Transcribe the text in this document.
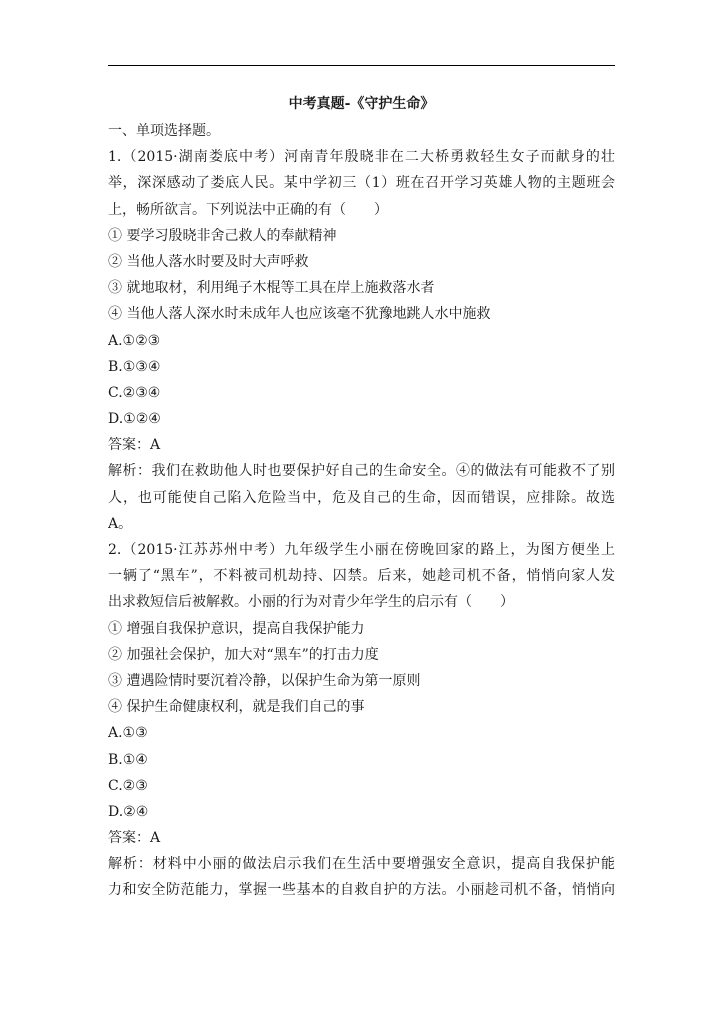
中考真题-《守护生命》
一、单项选择题。
1.（2015·湖南娄底中考）河南青年殷晓非在二大桥勇救轻生女子而献身的壮
举，深深感动了娄底人民。某中学初三（1）班在召开学习英雄人物的主题班会
上，畅所欲言。下列说法中正确的有（　　）
① 要学习殷晓非舍己救人的奉献精神
② 当他人落水时要及时大声呼救
③ 就地取材，利用绳子木棍等工具在岸上施救落水者
④ 当他人落人深水时未成年人也应该毫不犹豫地跳人水中施救
A.①②③
B.①③④
C.②③④
D.①②④
答案：A
解析：我们在救助他人时也要保护好自己的生命安全。④的做法有可能救不了别
人，也可能使自己陷入危险当中，危及自己的生命，因而错误，应排除。故选
A。
2.（2015·江苏苏州中考）九年级学生小丽在傍晚回家的路上，为图方便坐上
一辆了“黑车”，不料被司机劫持、囚禁。后来，她趁司机不备，悄悄向家人发
出求救短信后被解救。小丽的行为对青少年学生的启示有（　　）
① 增强自我保护意识，提高自我保护能力
② 加强社会保护，加大对“黑车”的打击力度
③ 遭遇险情时要沉着冷静，以保护生命为第一原则
④ 保护生命健康权利，就是我们自己的事
A.①③
B.①④
C.②③
D.②④
答案：A
解析：材料中小丽的做法启示我们在生活中要增强安全意识，提高自我保护能
力和安全防范能力，掌握一些基本的自救自护的方法。小丽趁司机不备，悄悄向
